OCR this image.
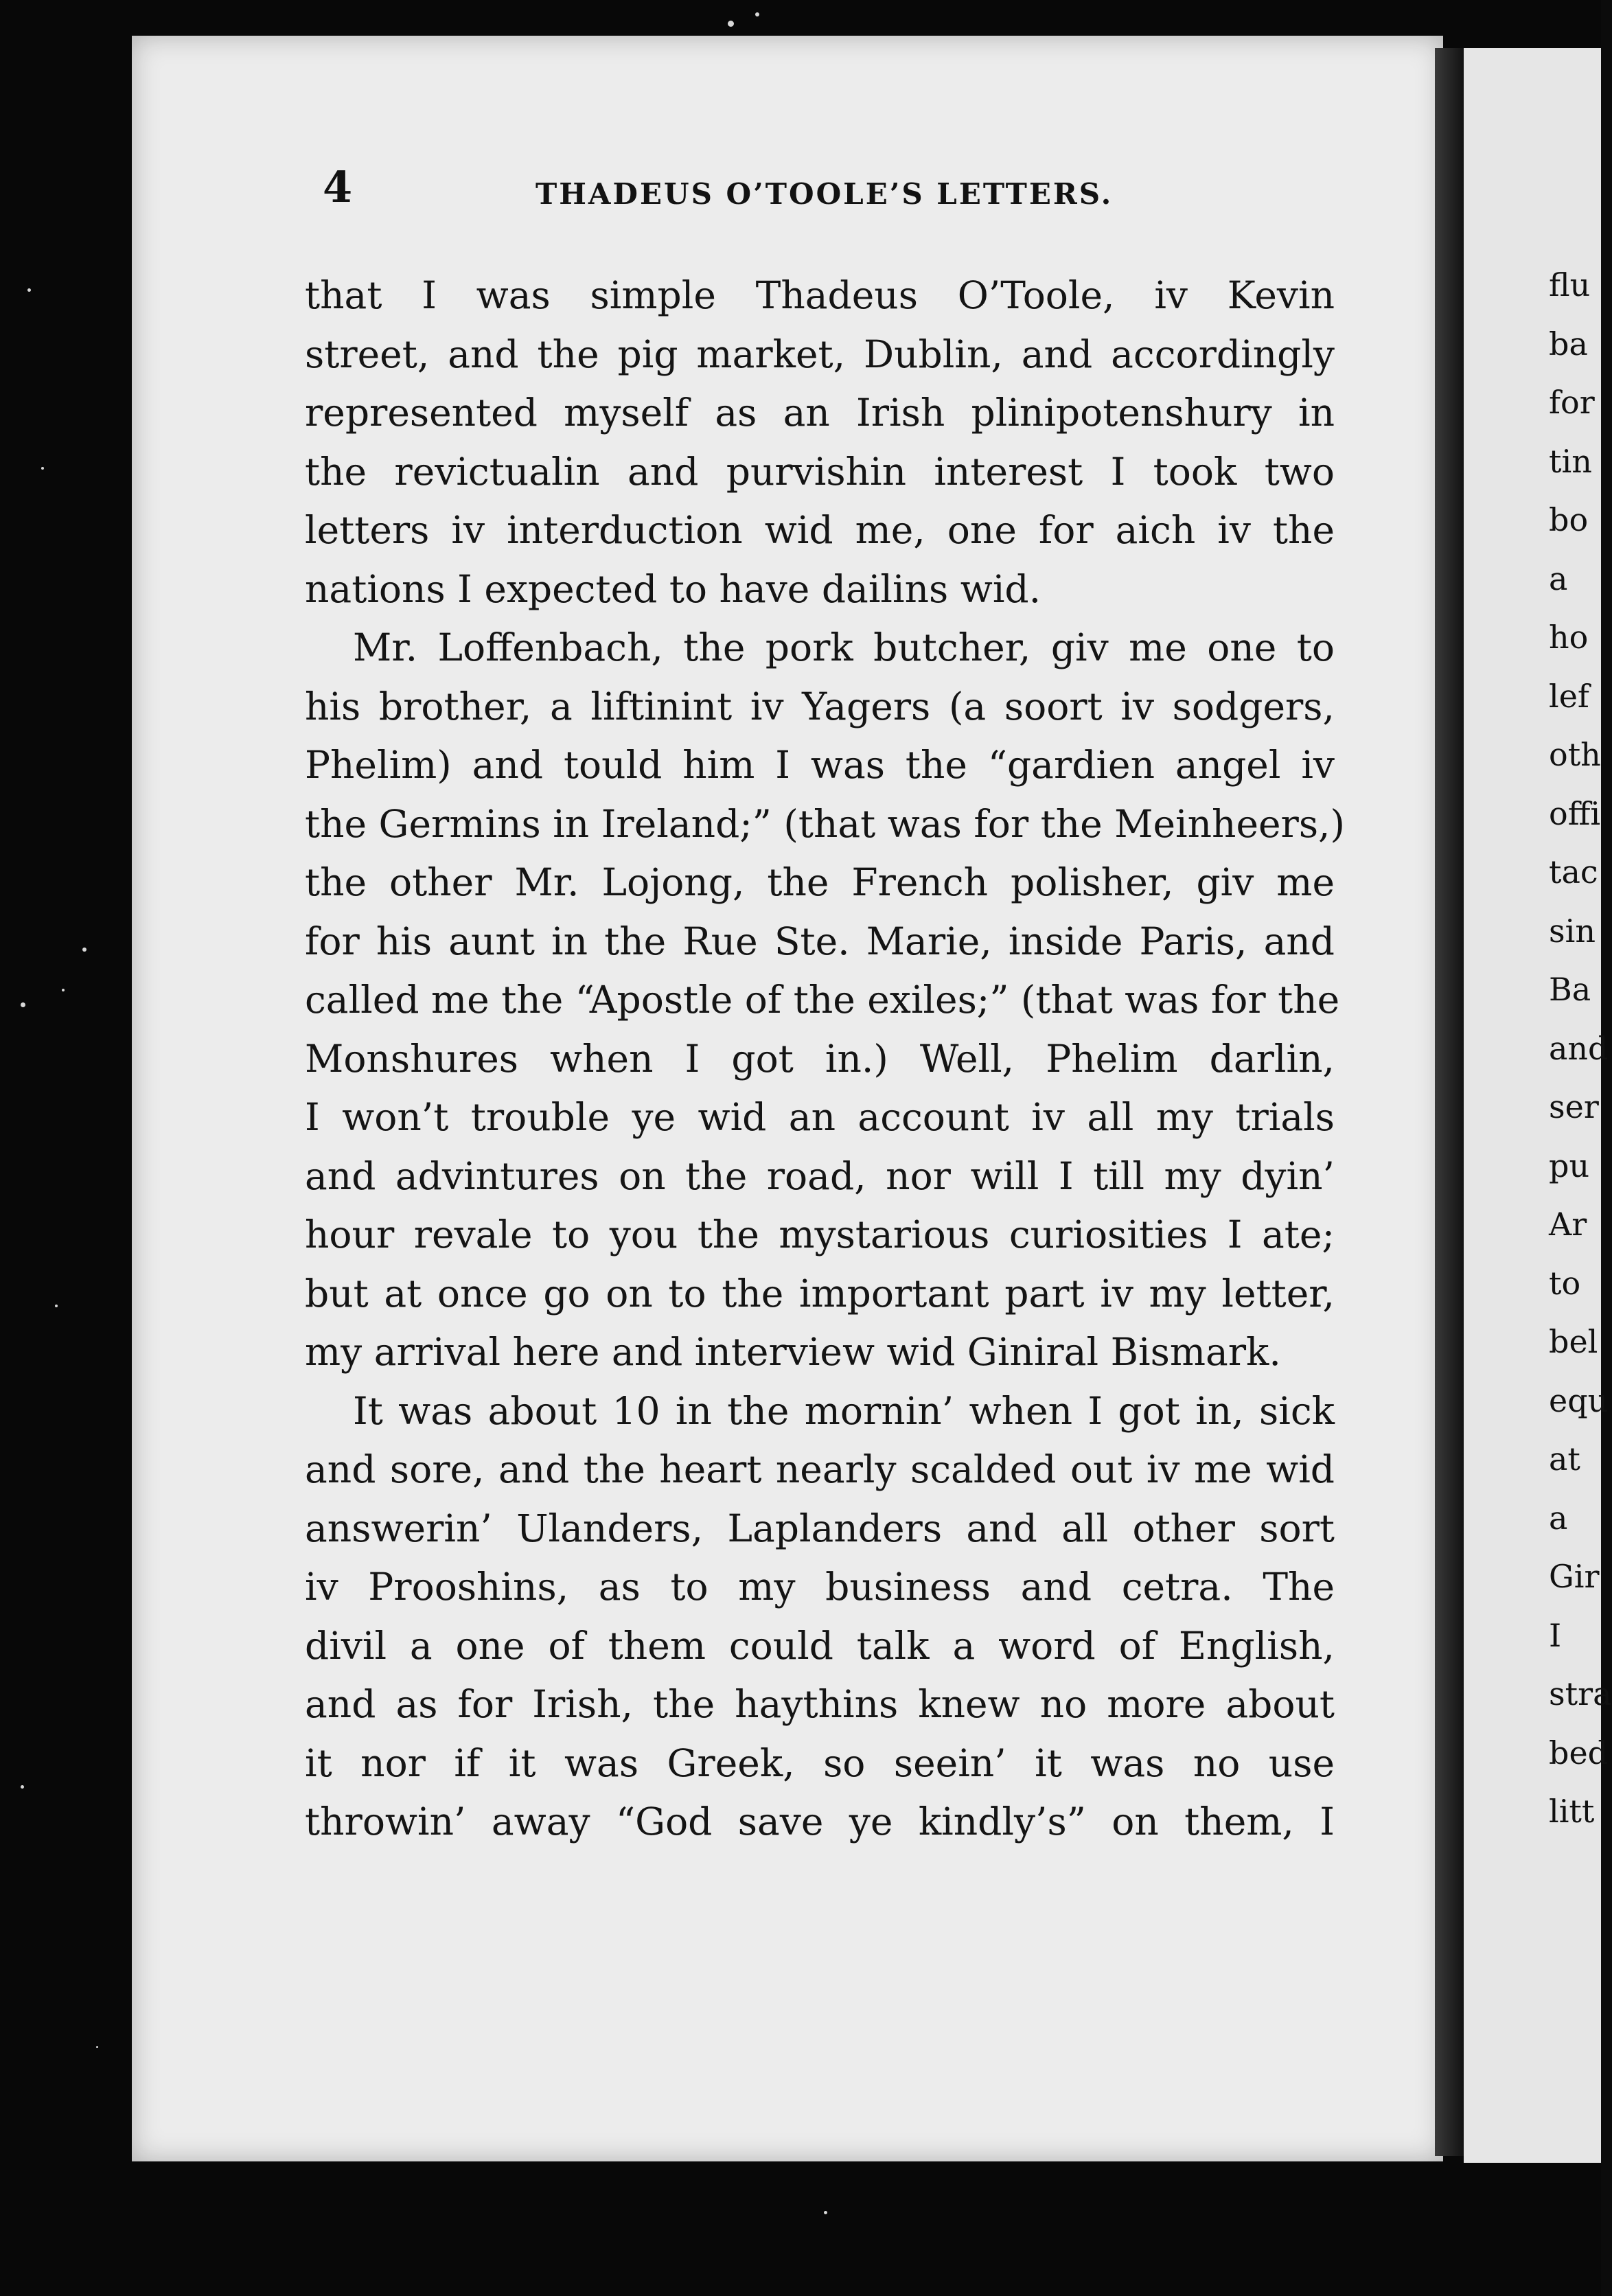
flu
ba
for
tin
bo
a
ho
lef
oth
offi
tac
sin
Ba
and
ser
pu
Ar
to
bel
equ
at
a
Gir
I
stra
bed
litt
4	THADEUS O’TOOLE’S LETTERS.
that I was simple Thadeus O’Toole, iv Kevin
street, and the pig market, Dublin, and accordingly
represented myself as an Irish plinipotenshury in
the revictualin and purvishin interest I took two
letters iv interduction wid me, one for aich iv the
nations I expected to have dailins wid.
Mr. Loffenbach, the pork butcher, giv me one to
his brother, a liftinint iv Yagers (a soort iv sodgers,
Phelim) and tould him I was the “gardien angel iv
the Germins in Ireland;” (that was for the Meinheers,)
the other Mr. Lojong, the French polisher, giv me
for his aunt in the Rue Ste. Marie, inside Paris, and
called me the “Apostle of the exiles;” (that was for the
Monshures when I got in.) Well, Phelim darlin,
I won’t trouble ye wid an account iv all my trials
and advintures on the road, nor will I till my dyin’
hour revale to you the mystarious curiosities I ate;
but at once go on to the important part iv my letter,
my arrival here and interview wid Giniral Bismark.
It was about 10 in the mornin’ when I got in, sick
and sore, and the heart nearly scalded out iv me wid
answerin’ Ulanders, Laplanders and all other sort
iv Prooshins, as to my business and cetra. The
divil a one of them could talk a word of English,
and as for Irish, the haythins knew no more about
it nor if it was Greek, so seein’ it was no use
throwin’ away “God save ye kindly’s” on them, I
